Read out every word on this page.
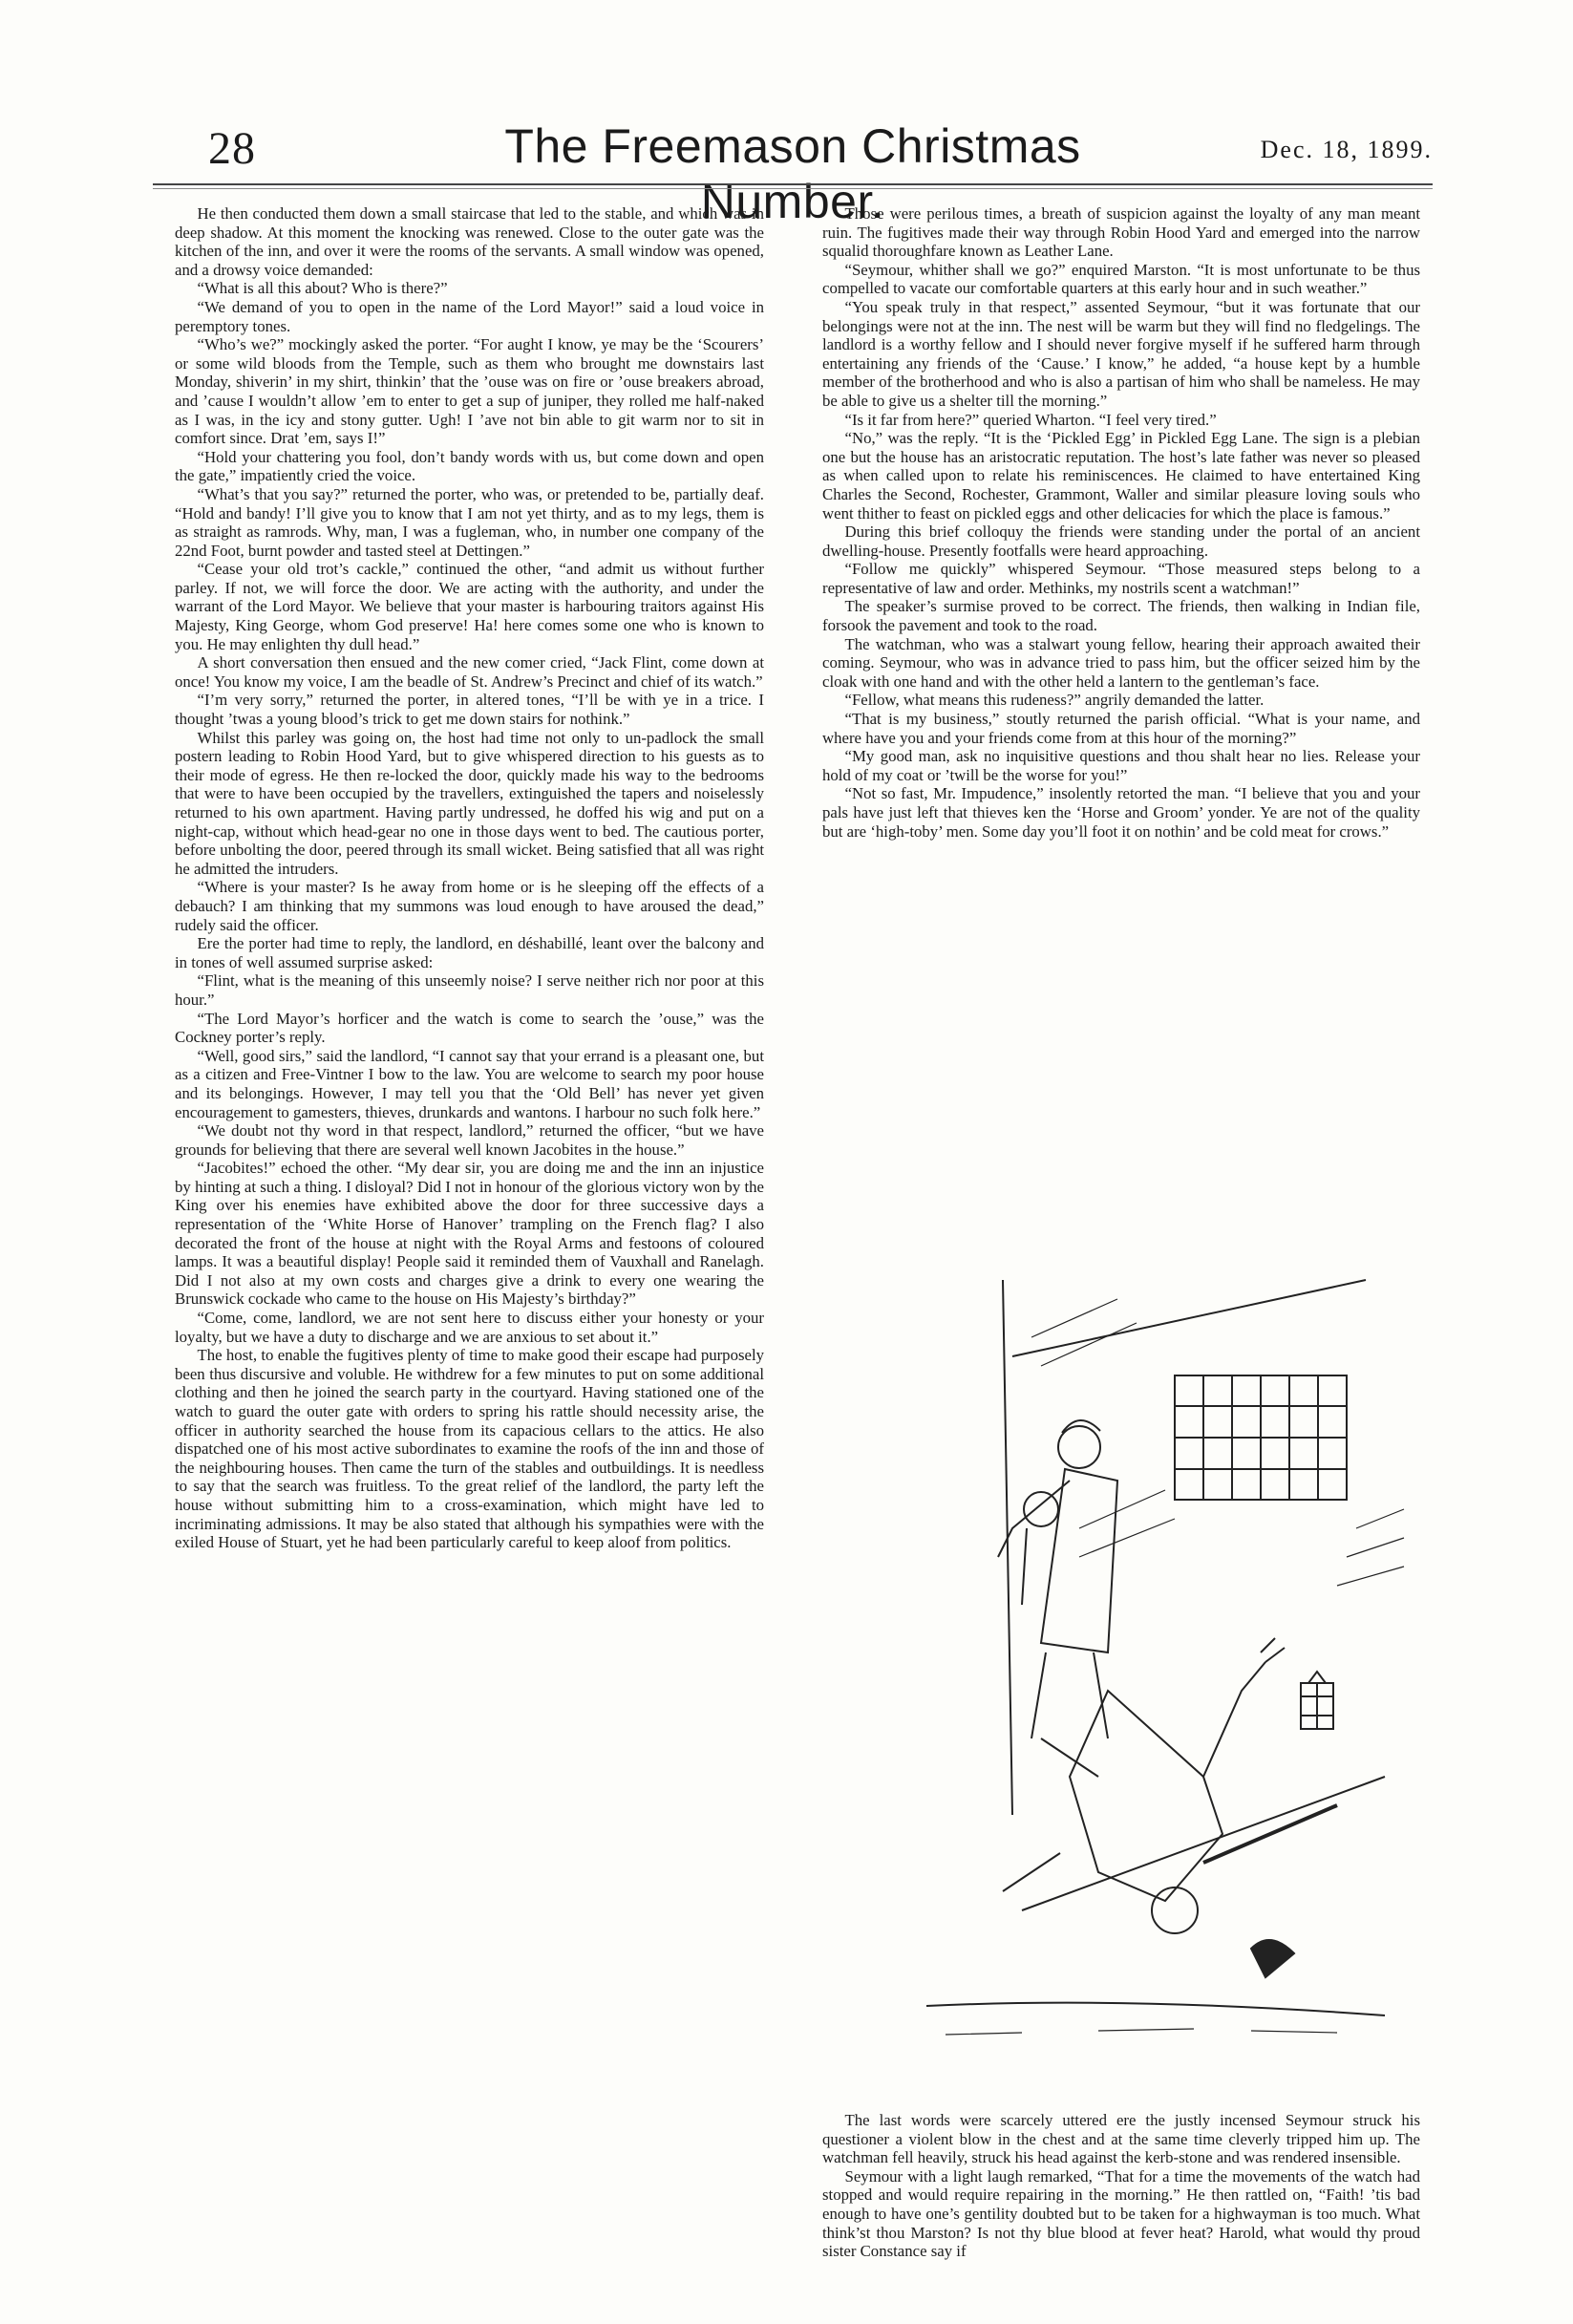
28	The Freemason Christmas Number.
Dec. 18, 1899.

He then conducted them down a small staircase that led to the stable, and which was in deep shadow. At this moment the knocking was renewed. Close to the outer gate was the kitchen of the inn, and over it were the rooms of the servants. A small window was opened, and a drowsy voice demanded:

“What is all this about? Who is there?”

“We demand of you to open in the name of the Lord Mayor!” said a loud voice in peremptory tones.

“Who’s we?” mockingly asked the porter. “For aught I know, ye may be the ‘Scourers’ or some wild bloods from the Temple, such as them who brought me downstairs last Monday, shiverin’ in my shirt, thinkin’ that the ’ouse was on fire or ’ouse breakers abroad, and ’cause I wouldn’t allow ’em to enter to get a sup of juniper, they rolled me half-naked as I was, in the icy and stony gutter. Ugh! I ’ave not bin able to git warm nor to sit in comfort since. Drat ’em, says I!”

“Hold your chattering you fool, don’t bandy words with us, but come down and open the gate,” impatiently cried the voice.

“What’s that you say?” returned the porter, who was, or pretended to be, partially deaf. “Hold and bandy! I’ll give you to know that I am not yet thirty, and as to my legs, them is as straight as ramrods. Why, man, I was a fugleman, who, in number one company of the 22nd Foot, burnt powder and tasted steel at Dettingen.”

“Cease your old trot’s cackle,” continued the other, “and admit us without further parley. If not, we will force the door. We are acting with the authority, and under the warrant of the Lord Mayor. We believe that your master is harbouring traitors against His Majesty, King George, whom God preserve! Ha! here comes some one who is known to you. He may enlighten thy dull head.”

A short conversation then ensued and the new comer cried, “Jack Flint, come down at once! You know my voice, I am the beadle of St. Andrew’s Precinct and chief of its watch.”

“I’m very sorry,” returned the porter, in altered tones, “I’ll be with ye in a trice. I thought ’twas a young blood’s trick to get me down stairs for nothink.”

Whilst this parley was going on, the host had time not only to un-padlock the small postern leading to Robin Hood Yard, but to give whispered direction to his guests as to their mode of egress. He then re-locked the door, quickly made his way to the bedrooms that were to have been occupied by the travellers, extinguished the tapers and noiselessly returned to his own apartment. Having partly undressed, he doffed his wig and put on a night-cap, without which head-gear no one in those days went to bed. The cautious porter, before unbolting the door, peered through its small wicket. Being satisfied that all was right he admitted the intruders.

“Where is your master? Is he away from home or is he sleeping off the effects of a debauch? I am thinking that my summons was loud enough to have aroused the dead,” rudely said the officer.

Ere the porter had time to reply, the landlord, en déshabillé, leant over the balcony and in tones of well assumed surprise asked:

“Flint, what is the meaning of this unseemly noise? I serve neither rich nor poor at this hour.”

“The Lord Mayor’s horficer and the watch is come to search the ’ouse,” was the Cockney porter’s reply.

“Well, good sirs,” said the landlord, “I cannot say that your errand is a pleasant one, but as a citizen and Free-Vintner I bow to the law. You are welcome to search my poor house and its belongings. However, I may tell you that the ‘Old Bell’ has never yet given encouragement to gamesters, thieves, drunkards and wantons. I harbour no such folk here.”

“We doubt not thy word in that respect, landlord,” returned the officer, “but we have grounds for believing that there are several well known Jacobites in the house.”

“Jacobites!” echoed the other. “My dear sir, you are doing me and the inn an injustice by hinting at such a thing. I disloyal? Did I not in honour of the glorious victory won by the King over his enemies have exhibited above the door for three successive days a representation of the ‘White Horse of Hanover’ trampling on the French flag? I also decorated the front of the house at night with the Royal Arms and festoons of coloured lamps. It was a beautiful display! People said it reminded them of Vauxhall and Ranelagh. Did I not also at my own costs and charges give a drink to every one wearing the Brunswick cockade who came to the house on His Majesty’s birthday?”

“Come, come, landlord, we are not sent here to discuss either your honesty or your loyalty, but we have a duty to discharge and we are anxious to set about it.”

The host, to enable the fugitives plenty of time to make good their escape had purposely been thus discursive and voluble. He withdrew for a few minutes to put on some additional clothing and then he joined the search party in the courtyard. Having stationed one of the watch to guard the outer gate with orders to spring his rattle should necessity arise, the officer in authority searched the house from its capacious cellars to the attics. He also dispatched one of his most active subordinates to examine the roofs of the inn and those of the neighbouring houses. Then came the turn of the stables and outbuildings. It is needless to say that the search was fruitless. To the great relief of the landlord, the party left the house without submitting him to a cross-examination, which might have led to incriminating admissions. It may be also stated that although his sympathies were with the exiled House of Stuart, yet he had been particularly careful to keep aloof from politics.

Those were perilous times, a breath of suspicion against the loyalty of any man meant ruin. The fugitives made their way through Robin Hood Yard and emerged into the narrow squalid thoroughfare known as Leather Lane.

“Seymour, whither shall we go?” enquired Marston. “It is most unfortunate to be thus compelled to vacate our comfortable quarters at this early hour and in such weather.”

“You speak truly in that respect,” assented Seymour, “but it was fortunate that our belongings were not at the inn. The nest will be warm but they will find no fledgelings. The landlord is a worthy fellow and I should never forgive myself if he suffered harm through entertaining any friends of the ‘Cause.’ I know,” he added, “a house kept by a humble member of the brotherhood and who is also a partisan of him who shall be nameless. He may be able to give us a shelter till the morning.”

“Is it far from here?” queried Wharton. “I feel very tired.”

“No,” was the reply. “It is the ‘Pickled Egg’ in Pickled Egg Lane. The sign is a plebian one but the house has an aristocratic reputation. The host’s late father was never so pleased as when called upon to relate his reminiscences. He claimed to have entertained King Charles the Second, Rochester, Grammont, Waller and similar pleasure loving souls who went thither to feast on pickled eggs and other delicacies for which the place is famous.”

During this brief colloquy the friends were standing under the portal of an ancient dwelling-house. Presently footfalls were heard approaching.

“Follow me quickly” whispered Seymour. “Those measured steps belong to a representative of law and order. Methinks, my nostrils scent a watchman!”

The speaker’s surmise proved to be correct. The friends, then walking in Indian file, forsook the pavement and took to the road.

The watchman, who was a stalwart young fellow, hearing their approach awaited their coming. Seymour, who was in advance tried to pass him, but the officer seized him by the cloak with one hand and with the other held a lantern to the gentleman’s face.

“Fellow, what means this rudeness?” angrily demanded the latter.

“That is my business,” stoutly returned the parish official. “What is your name, and where have you and your friends come from at this hour of the morning?”

“My good man, ask no inquisitive questions and thou shalt hear no lies. Release your hold of my coat or ’twill be the worse for you!”

“Not so fast, Mr. Impudence,” insolently retorted the man. “I believe that you and your pals have just left that thieves ken the ‘Horse and Groom’ yonder. Ye are not of the quality but are ‘high-toby’ men. Some day you’ll foot it on nothin’ and be cold meat for crows.”

The last words were scarcely uttered ere the justly incensed Seymour struck his questioner a violent blow in the chest and at the same time cleverly tripped him up. The watchman fell heavily, struck his head against the kerb-stone and was rendered insensible.

Seymour with a light laugh remarked, “That for a time the movements of the watch had stopped and would require repairing in the morning.” He then rattled on, “Faith! ’tis bad enough to have one’s gentility doubted but to be taken for a highwayman is too much. What think’st thou Marston? Is not thy blue blood at fever heat? Harold, what would thy proud sister Constance say if
